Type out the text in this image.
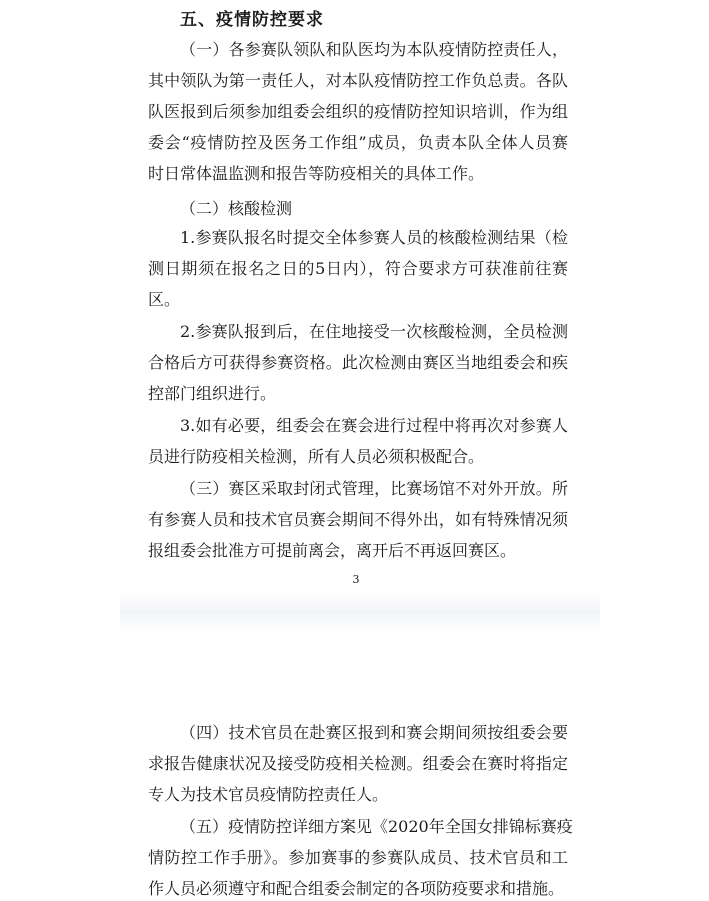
五、疫情防控要求
（一）各参赛队领队和队医均为本队疫情防控责任人，
其中领队为第一责任人，对本队疫情防控工作负总责。各队
队医报到后须参加组委会组织的疫情防控知识培训，作为组
委会“疫情防控及医务工作组”成员，负责本队全体人员赛
时日常体温监测和报告等防疫相关的具体工作。
（二）核酸检测
1.参赛队报名时提交全体参赛人员的核酸检测结果（检
测日期须在报名之日的5日内），符合要求方可获准前往赛
区。
2.参赛队报到后，在住地接受一次核酸检测，全员检测
合格后方可获得参赛资格。此次检测由赛区当地组委会和疾
控部门组织进行。
3.如有必要，组委会在赛会进行过程中将再次对参赛人
员进行防疫相关检测，所有人员必须积极配合。
（三）赛区采取封闭式管理，比赛场馆不对外开放。所
有参赛人员和技术官员赛会期间不得外出，如有特殊情况须
报组委会批准方可提前离会，离开后不再返回赛区。
3
（四）技术官员在赴赛区报到和赛会期间须按组委会要
求报告健康状况及接受防疫相关检测。组委会在赛时将指定
专人为技术官员疫情防控责任人。
（五）疫情防控详细方案见《2020年全国女排锦标赛疫
情防控工作手册》。参加赛事的参赛队成员、技术官员和工
作人员必须遵守和配合组委会制定的各项防疫要求和措施。
